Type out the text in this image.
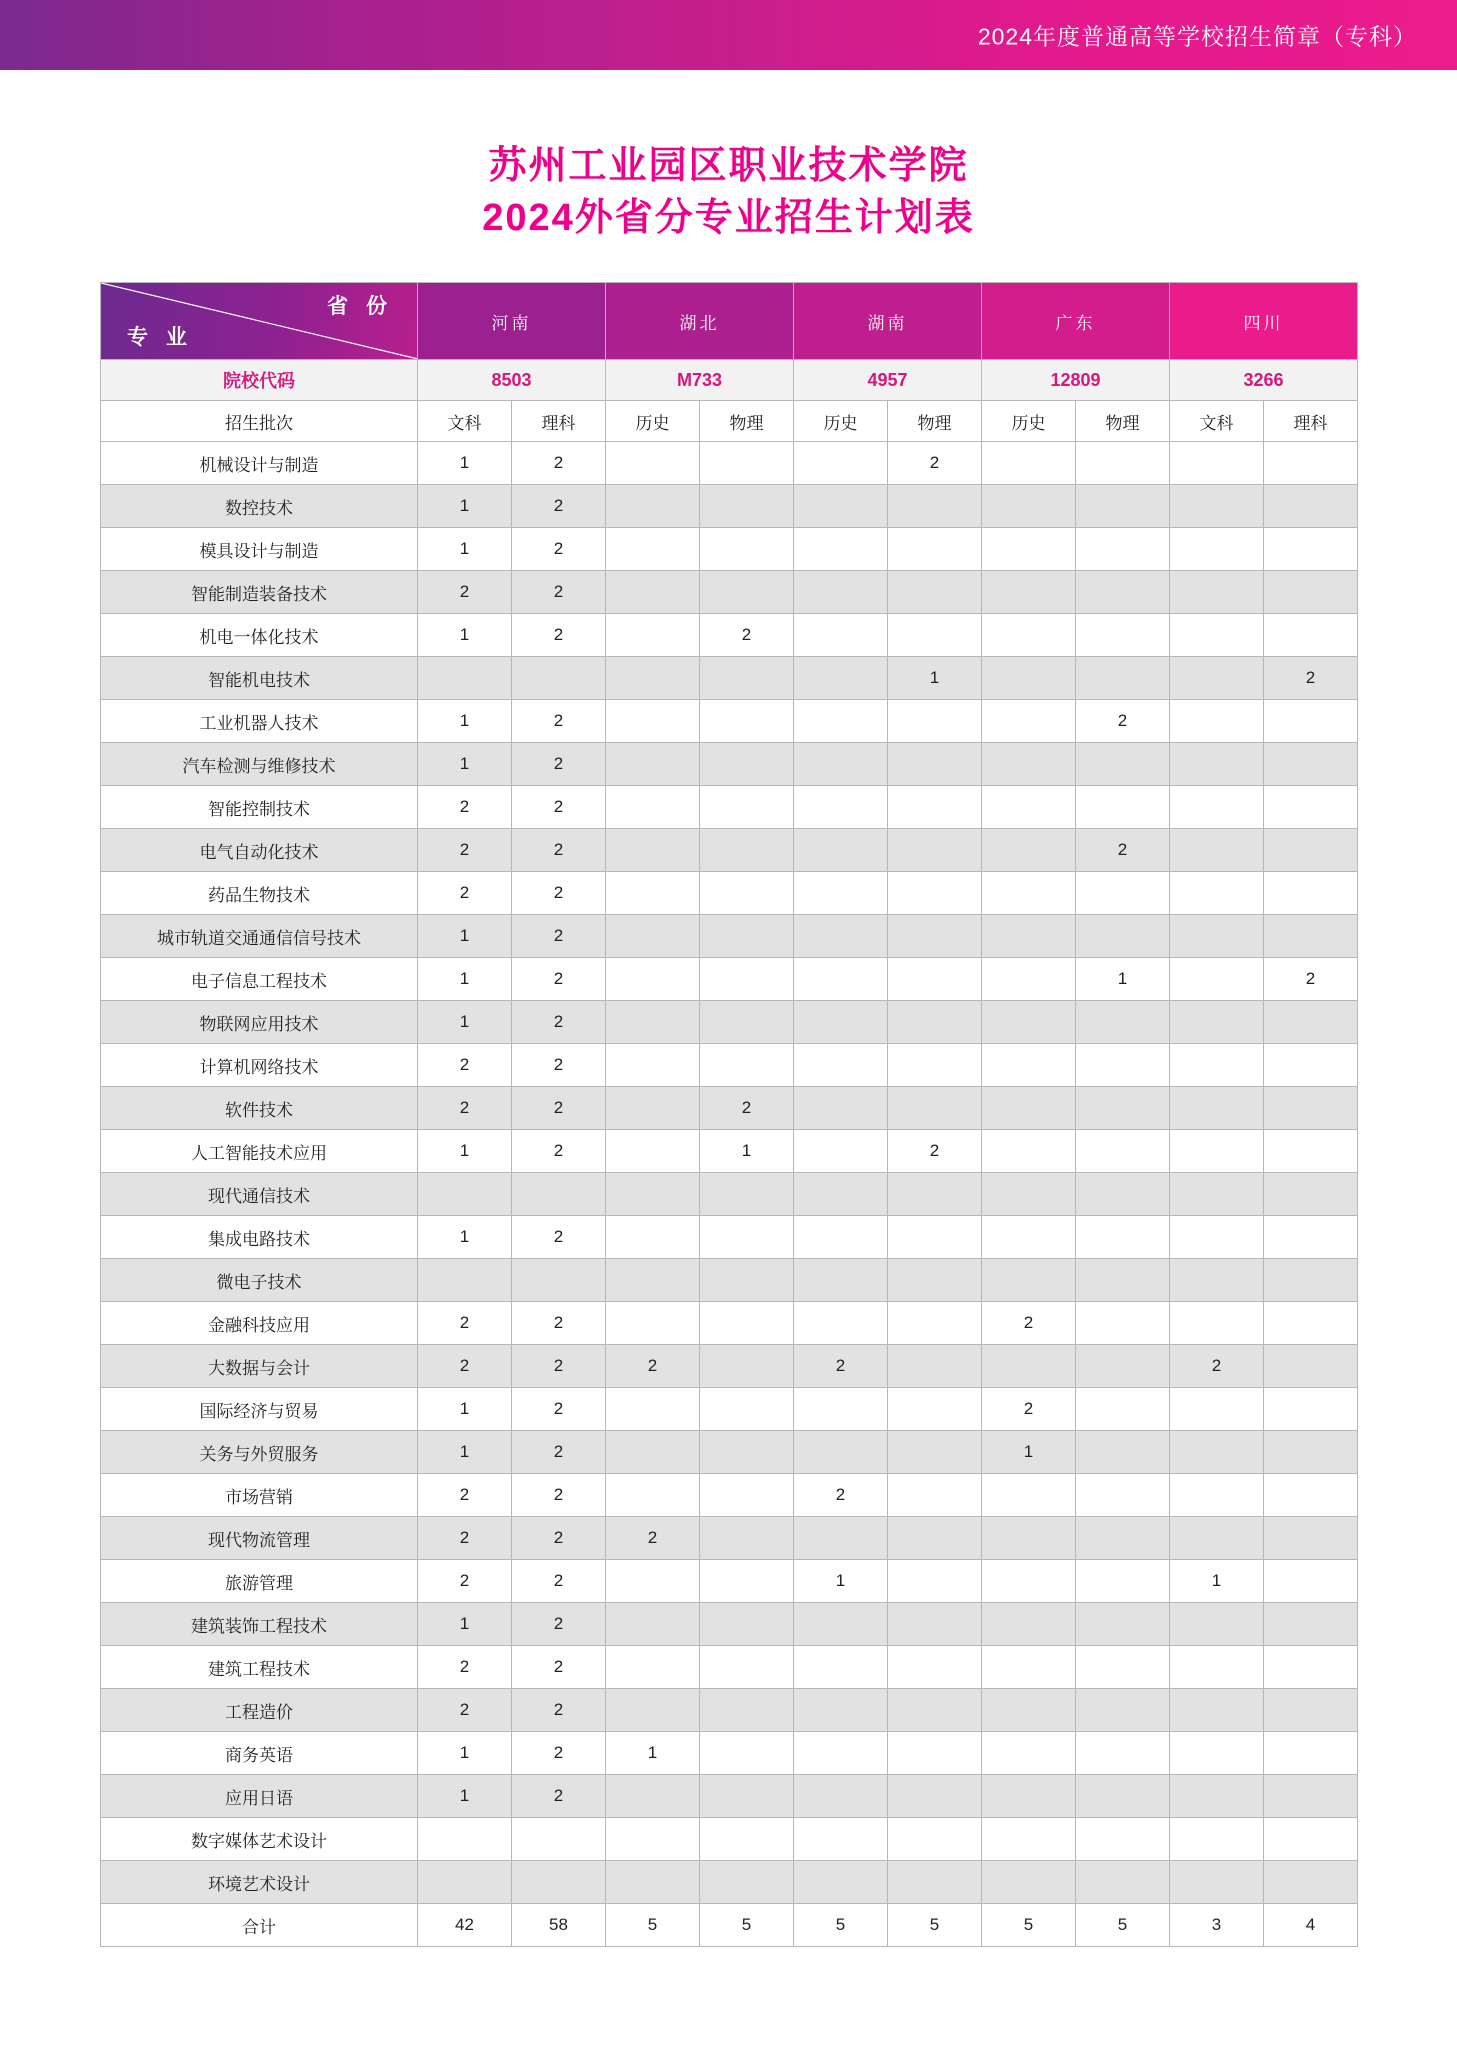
2024年度普通高等学校招生简章（专科）
苏州工业园区职业技术学院
2024外省分专业招生计划表
省 份
专 业	河南		湖北		湖南		广东		四川	
院校代码	8503		M733		4957		12809		3266	
招生批次	文科	理科	历史	物理	历史	物理	历史	物理	文科	理科
机械设计与制造	1	2				2				
数控技术	1	2								
模具设计与制造	1	2								
智能制造装备技术	2	2								
机电一体化技术	1	2		2						
智能机电技术						1				2
工业机器人技术	1	2						2		
汽车检测与维修技术	1	2								
智能控制技术	2	2								
电气自动化技术	2	2						2		
药品生物技术	2	2								
城市轨道交通通信信号技术	1	2								
电子信息工程技术	1	2						1		2
物联网应用技术	1	2								
计算机网络技术	2	2								
软件技术	2	2		2						
人工智能技术应用	1	2		1		2				
现代通信技术										
集成电路技术	1	2								
微电子技术										
金融科技应用	2	2					2			
大数据与会计	2	2	2		2				2	
国际经济与贸易	1	2					2			
关务与外贸服务	1	2					1			
市场营销	2	2			2					
现代物流管理	2	2	2							
旅游管理	2	2			1				1	
建筑装饰工程技术	1	2								
建筑工程技术	2	2								
工程造价	2	2								
商务英语	1	2	1							
应用日语	1	2								
数字媒体艺术设计										
环境艺术设计										
合计	42	58	5	5	5	5	5	5	3	4
